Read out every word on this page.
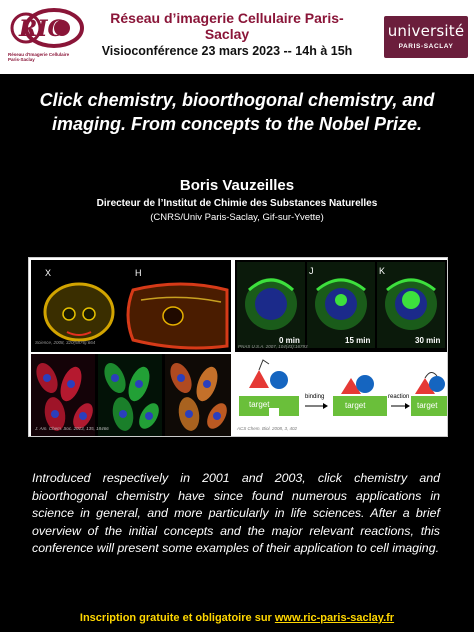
RIC
Réseau d'Imagerie Cellulaire Paris-Saclay
Réseau d’imagerie Cellulaire Paris-Saclay
Visioconférence 23 mars 2023 -- 14h à 15h
université
PARIS-SACLAY
Click chemistry, bioorthogonal chemistry, and imaging. From concepts to the Nobel Prize.
Boris Vauzeilles
Directeur de l’Institut de Chimie des Substances Naturelles
(CNRS/Univ Paris-Saclay, Gif-sur-Yvette)
X	H
Science, 2008, 320(5876):664
J	K
0 min	15 min	30 min
PNAS U.S.A. 2007, 104(43):16793
J. Am. Chem. Soc. 2013, 135, 18466
target	target	target
binding	reaction
ACS Chem. Biol. 2008, 3, 402
Introduced respectively in 2001 and 2003, click chemistry and bioorthogonal chemistry have since found numerous applications in science in general, and more particularly in life sciences. After a brief overview of the initial concepts and the major relevant reactions, this conference will present some examples of their application to cell imaging.
Inscription gratuite et obligatoire sur www.ric-paris-saclay.fr
